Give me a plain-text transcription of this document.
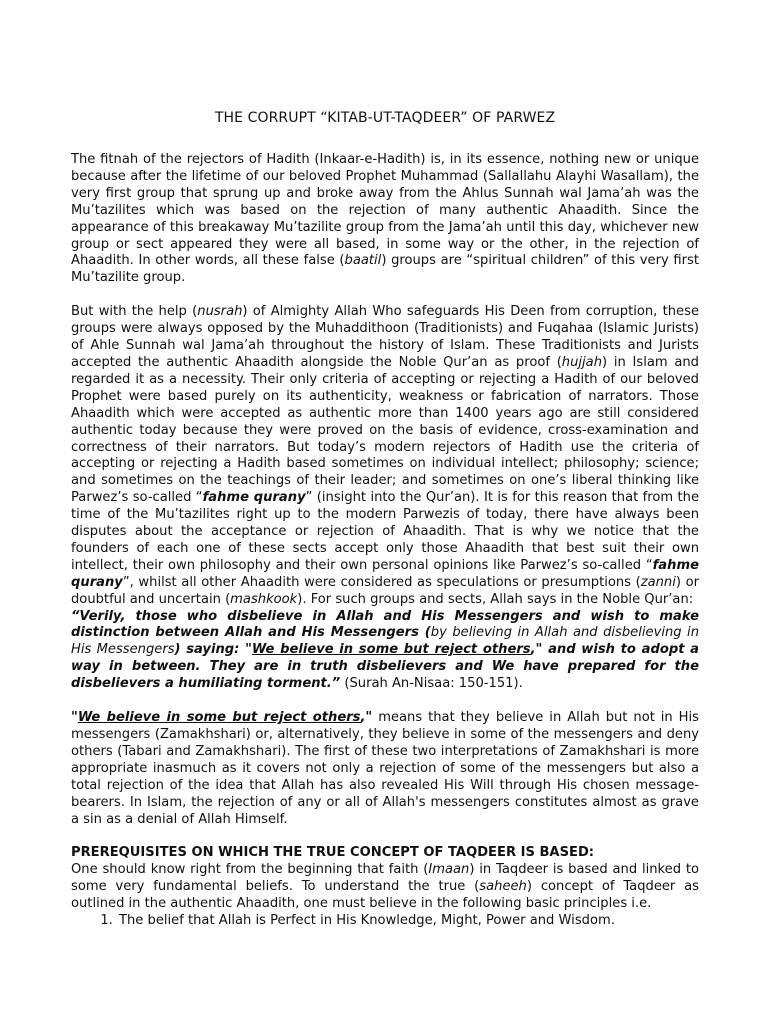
THE CORRUPT “KITAB-UT-TAQDEER” OF PARWEZ

The fitnah of the rejectors of Hadith (Inkaar-e-Hadith) is, in its essence, nothing new or unique because after the lifetime of our beloved Prophet Muhammad (Sallallahu Alayhi Wasallam), the very first group that sprung up and broke away from the Ahlus Sunnah wal Jama’ah was the Mu’tazilites which was based on the rejection of many authentic Ahaadith. Since the appearance of this breakaway Mu’tazilite group from the Jama’ah until this day, whichever new group or sect appeared they were all based, in some way or the other, in the rejection of Ahaadith. In other words, all these false (baatil) groups are “spiritual children” of this very first Mu’tazilite group.

But with the help (nusrah) of Almighty Allah Who safeguards His Deen from corruption, these groups were always opposed by the Muhaddithoon (Traditionists) and Fuqahaa (Islamic Jurists) of Ahle Sunnah wal Jama’ah throughout the history of Islam. These Traditionists and Jurists accepted the authentic Ahaadith alongside the Noble Qur’an as proof (hujjah) in Islam and regarded it as a necessity. Their only criteria of accepting or rejecting a Hadith of our beloved Prophet were based purely on its authenticity, weakness or fabrication of narrators. Those Ahaadith which were accepted as authentic more than 1400 years ago are still considered authentic today because they were proved on the basis of evidence, cross-examination and correctness of their narrators. But today’s modern rejectors of Hadith use the criteria of accepting or rejecting a Hadith based sometimes on individual intellect; philosophy; science; and sometimes on the teachings of their leader; and sometimes on one’s liberal thinking like Parwez’s so-called “fahme qurany” (insight into the Qur’an). It is for this reason that from the time of the Mu’tazilites right up to the modern Parwezis of today, there have always been disputes about the acceptance or rejection of Ahaadith. That is why we notice that the founders of each one of these sects accept only those Ahaadith that best suit their own intellect, their own philosophy and their own personal opinions like Parwez’s so-called “fahme qurany”, whilst all other Ahaadith were considered as speculations or presumptions (zanni) or doubtful and uncertain (mashkook). For such groups and sects, Allah says in the Noble Qur’an:

“Verily, those who disbelieve in Allah and His Messengers and wish to make distinction between Allah and His Messengers (by believing in Allah and disbelieving in His Messengers) saying: "We believe in some but reject others," and wish to adopt a way in between. They are in truth disbelievers and We have prepared for the disbelievers a humiliating torment.” (Surah An-Nisaa: 150-151).

"We believe in some but reject others," means that they believe in Allah but not in His messengers (Zamakhshari) or, alternatively, they believe in some of the messengers and deny others (Tabari and Zamakhshari). The first of these two interpretations of Zamakhshari is more appropriate inasmuch as it covers not only a rejection of some of the messengers but also a total rejection of the idea that Allah has also revealed His Will through His chosen message-bearers. In Islam, the rejection of any or all of Allah's messengers constitutes almost as grave a sin as a denial of Allah Himself.

PREREQUISITES ON WHICH THE TRUE CONCEPT OF TAQDEER IS BASED:

One should know right from the beginning that faith (Imaan) in Taqdeer is based and linked to some very fundamental beliefs. To understand the true (saheeh) concept of Taqdeer as outlined in the authentic Ahaadith, one must believe in the following basic principles i.e.

1. The belief that Allah is Perfect in His Knowledge, Might, Power and Wisdom.
